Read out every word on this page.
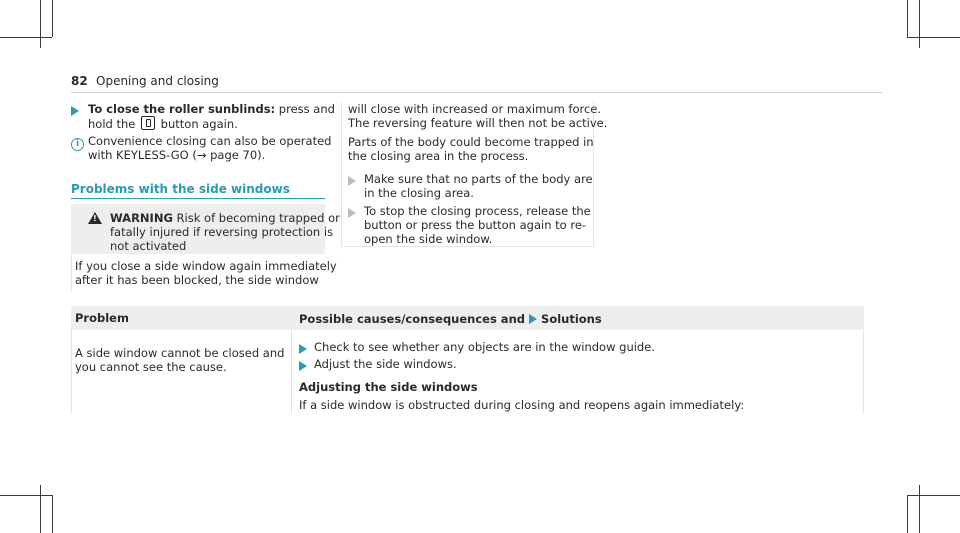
82 Opening and closing
To close the roller sunblinds: press and
hold the button again.
i Convenience closing can also be operated
with KEYLESS-GO (→ page 70).
Problems with the side windows
! WARNING Risk of becoming trapped or
fatally injured if reversing protection is
not activated
If you close a side window again immediately
after it has been blocked, the side window
will close with increased or maximum force.
The reversing feature will then not be active.
Parts of the body could become trapped in
the closing area in the process.
Make sure that no parts of the body are
in the closing area.
To stop the closing process, release the
button or press the button again to re-
open the side window.
Problem	Possible causes/consequences and Solutions
A side window cannot be closed and
you cannot see the cause.
Check to see whether any objects are in the window guide.
Adjust the side windows.
Adjusting the side windows
If a side window is obstructed during closing and reopens again immediately:
